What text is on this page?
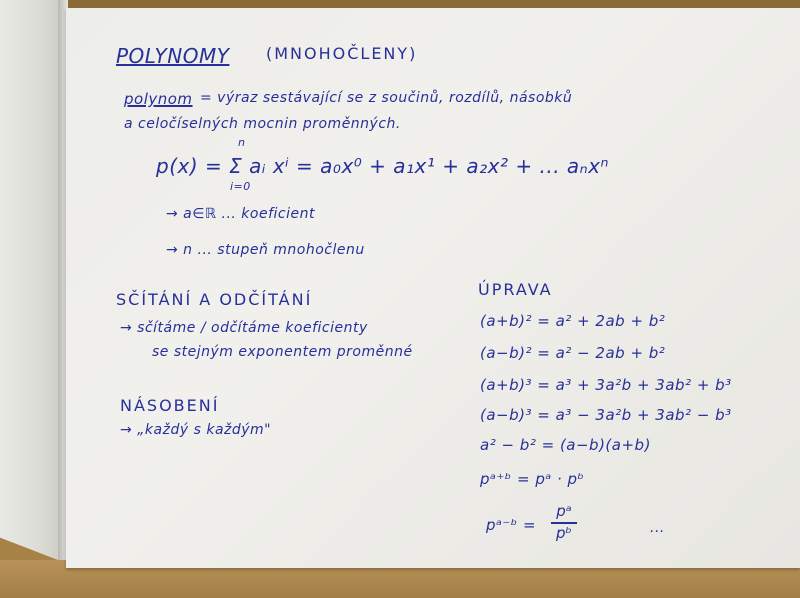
POLYNOMY (MNOHOČLENY)
polynom = výraz sestávající se z součinů, rozdílů, násobků
a celočíselných mocnin proměnných.
n
p(x) = Σ aᵢ xⁱ = a₀x⁰ + a₁x¹ + a₂x² + ... aₙxⁿ
i=0
→ a∈ℝ ... koeficient
→ n ... stupeň mnohočlenu
SČÍTÁNÍ A ODČÍTÁNÍ
→ sčítáme / odčítáme koeficienty
se stejným exponentem proměnné
NÁSOBENÍ
→ „každý s každým"
ÚPRAVA
(a+b)² = a² + 2ab + b²
(a−b)² = a² − 2ab + b²
(a+b)³ = a³ + 3a²b + 3ab² + b³
(a−b)³ = a³ − 3a²b + 3ab² − b³
a² − b² = (a−b)(a+b)
pᵃ⁺ᵇ = pᵃ · pᵇ
pᵃ⁻ᵇ =
pᵃ
pᵇ	...
